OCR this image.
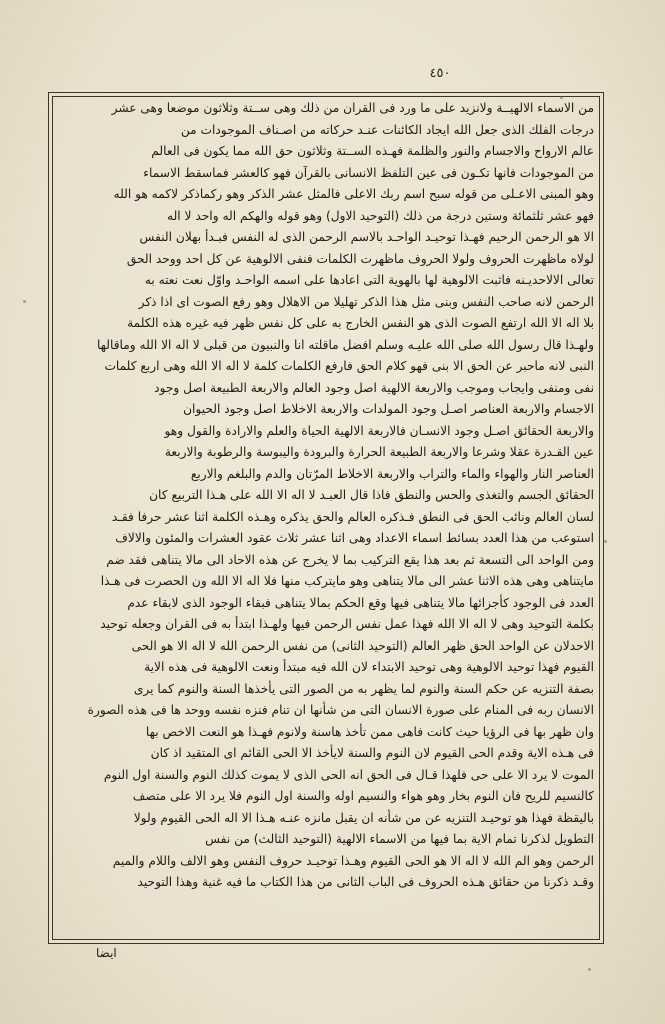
٤٥٠
من الاسماء الالهيــة ولانزيد على ما ورد فى القران من ذلك وهى ســتة وثلاثون موضعا وهى عشر
درجات الفلك الذى جعل الله ايجاد الكائنات عنـد حركاته من اصـناف الموجودات من
عالم الارواح والاجسام والنور والظلمة فهـذه الســتة وثلاثون حق الله مما يكون فى العالم
من الموجودات فانها تكـون فى عين التلفظ الانسانى بالقرآن فهو كالعشر فماسقط الاسماء
وهو المبنى الاعـلى من قوله سبح اسم ربك الاعلى فالمثل عشر الذكر وهو ركماذكر لاكمه هو الله
فهو عشر ثلثمائة وستين درجة من ذلك (التوحيد الاول) وهو قوله والهكم اله واحد لا اله
الا هو الرحمن الرحيم فهـذا توحيـد الواحـد بالاسم الرحمن الذى له النفس فبـدأ بهلان النفس
لولاه ماظهرت الحروف ولولا الحروف ماظهرت الكلمات فنفى الالوهية عن كل احد ووحد الحق
تعالى الالاحديـنه فاثبت الالوهية لها بالهوية التى اعادها على اسمه الواحـد واوّل نعت نعته به
الرحمن لانه صاحب النفس وبنى مثل هذا الذكر تهليلا من الاهلال وهو رفع الصوت اى اذا ذكر
بلا اله الا الله ارتفع الصوت الذى هو النفس الخارج به على كل نفس ظهر فيه غيره هذه الكلمة
ولهـذا قال رسول الله صلى الله عليـه وسلم افضل ماقلته انا والنبيون من قبلى لا اله الا الله وماقالها
النبى لانه ماحبر عن الحق الا بنى فهو كلام الحق فارفع الكلمات كلمة لا اله الا الله وهى اربع كلمات
نفى ومنفى وايجاب وموجب والاربعة الالهية اصل وجود العالم والاربعة الطبيعة اصل وجود
الاجسام والاربعة العناصر اصـل وجود المولدات والاربعة الاخلاط اصل وجود الحيوان
والاربعة الحقائق اصـل وجود الانسـان فالاربعة الالهية الحياة والعلم والارادة والقول وهو
عين القـدرة عقلا وشرعا والاربعة الطبيعة الحرارة والبرودة واليبوسة والرطوبة والاربعة
العناصر النار والهواء والماء والتراب والاربعة الاخلاط المرّتان والدم والبلغم والاربع
الحقائق الجسم والتغذى والحس والنطق فاذا قال العبـد لا اله الا الله على هـذا التربيع كان
لسان العالم ونائب الحق فى النطق فـذكره العالم والحق يذكره وهـذه الكلمة اثنا عشر حرفا فقـد
استوعب من هذا العدد بسائط اسماء الاعداد وهى اثنا عشر ثلاث عقود العشرات والمئون والالاف
ومن الواحد الى التسعة ثم بعد هذا يقع التركيب بما لا يخرج عن هذه الاحاد الى مالا يتناهى فقد ضم
مايتناهى وهى هذه الاثنا عشر الى مالا يتناهى وهو مايتركب منها فلا اله الا الله ون الحصرت فى هـذا
العدد فى الوجود كأجزائها مالا يتناهى فيها وقع الحكم بمالا يتناهى فبقاء الوجود الذى لابقاء عدم
بكلمة التوحيد وهى لا اله الا الله فهذا عمل نفس الرحمن فيها ولهـذا ابتدأ به فى القران وجعله توحيد
الاحدلان عن الواحد الحق ظهر العالم (التوحيد الثانى) من نفس الرحمن الله لا اله الا هو الحى
القيوم فهذا توحيد الالوهية وهى توحيد الابتداء لان الله فيه مبتدأ ونعت الالوهية فى هذه الاية
بصفة التنزيه عن حكم السنة والنوم لما يظهر به من الصور التى يأخذها السنة والنوم كما يرى
الانسان ربه فى المنام على صورة الانسان التى من شأنها ان تنام فنزه نفسه ووحد ها فى هذه الصورة
وان ظهر بها فى الرؤيا حيث كانت فاهى ممن تأخذ هاسنة ولانوم فهـذا هو النعت الاخص بها
فى هـذه الاية وقدم الحى القيوم لان النوم والسنة لايأخذ الا الحى القائم اى المتقيد اذ كان
الموت لا يرد الا على حى فلهذا قـال فى الحق انه الحى الذى لا يموت كذلك النوم والسنة اول النوم
كالنسيم للريح فان النوم بخار وهو هواء والنسيم اوله والسنة اول النوم فلا يرد الا على متصف
باليقظة فهذا هو توحيـد التنزيه عن من شأنه ان يقبل مانزه عنـه هـذا الا اله الحى القيوم ولولا
التطويل لذكرنا تمام الاية بما فيها من الاسماء الالهية (التوحيد الثالث) من نفس
الرحمن وهو الم الله لا اله الا هو الحى القيوم وهـذا توحيـد حروف النفس وهو الالف واللام والميم
وقـد ذكرنا من حقائق هـذه الحروف فى الباب الثانى من هذا الكتاب ما فيه غنية وهذا التوحيد
ايضا
